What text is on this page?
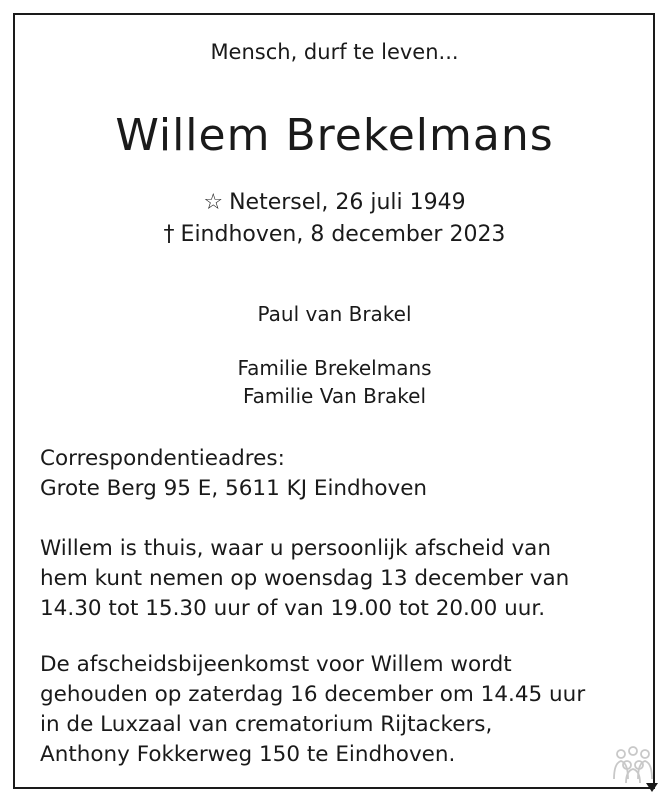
Mensch, durf te leven...
Willem Brekelmans
☆ Netersel, 26 juli 1949
† Eindhoven, 8 december 2023
Paul van Brakel
Familie Brekelmans
Familie Van Brakel
Correspondentieadres:
Grote Berg 95 E, 5611 KJ Eindhoven
Willem is thuis, waar u persoonlijk afscheid van
hem kunt nemen op woensdag 13 december van
14.30 tot 15.30 uur of van 19.00 tot 20.00 uur.
De afscheidsbijeenkomst voor Willem wordt
gehouden op zaterdag 16 december om 14.45 uur
in de Luxzaal van crematorium Rijtackers,
Anthony Fokkerweg 150 te Eindhoven.
